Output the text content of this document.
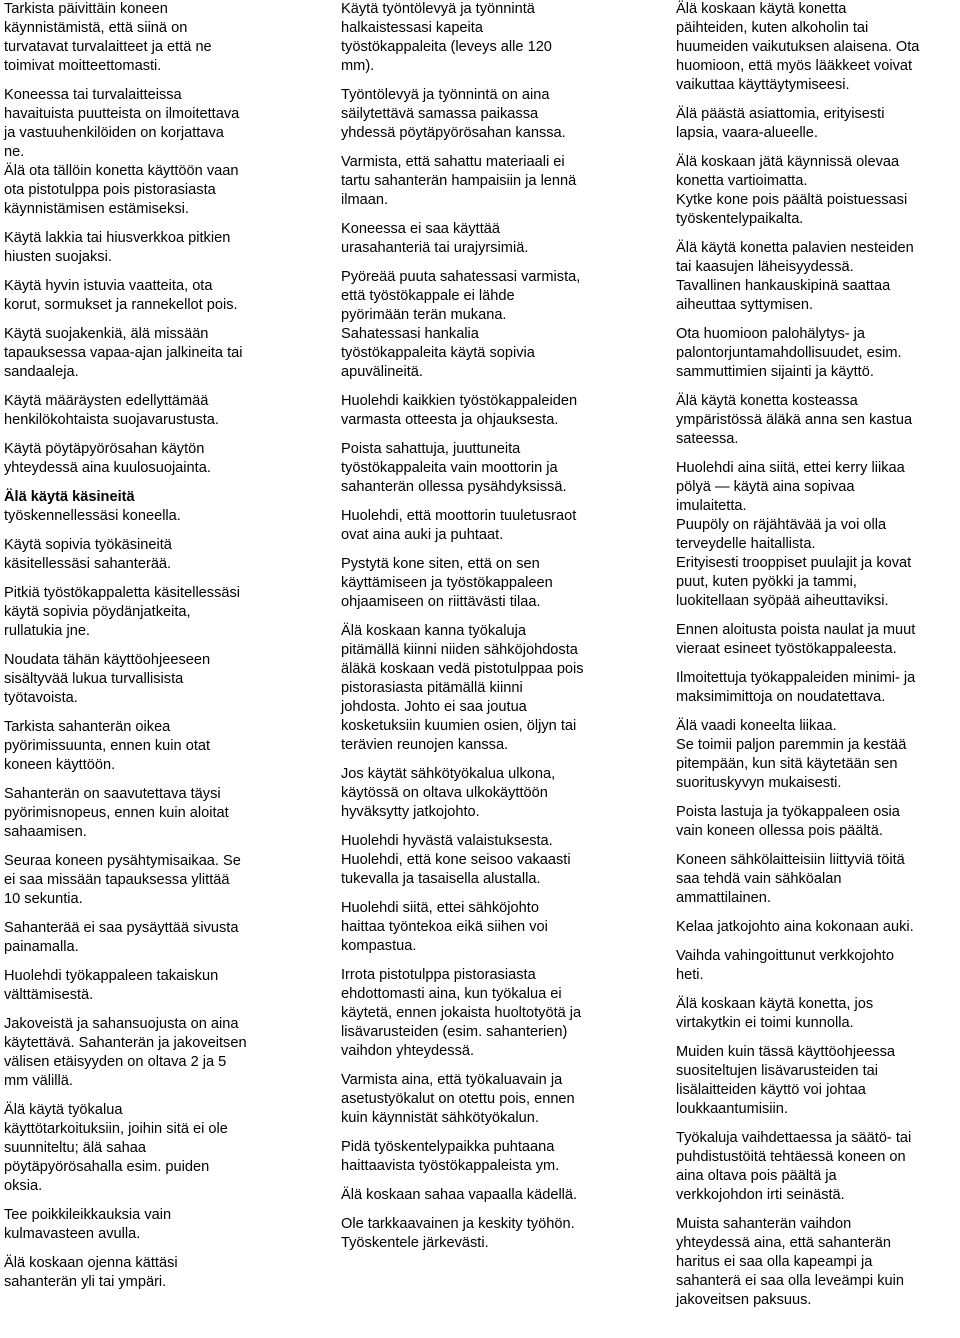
Tarkista päivittäin koneen
käynnistämistä, että siinä on
turvatavat turvalaitteet ja että ne
toimivat moitteettomasti.
Koneessa tai turvalaitteissa
havaituista puutteista on ilmoitettava
ja vastuuhenkilöiden on korjattava
ne.
Älä ota tällöin konetta käyttöön vaan
ota pistotulppa pois pistorasiasta
käynnistämisen estämiseksi.
Käytä lakkia tai hiusverkkoa pitkien
hiusten suojaksi.
Käytä hyvin istuvia vaatteita, ota
korut, sormukset ja rannekellot pois.
Käytä suojakenkiä, älä missään
tapauksessa vapaa-ajan jalkineita tai
sandaaleja.
Käytä määräysten edellyttämää
henkilökohtaista suojavarustusta.
Käytä pöytäpyörösahan käytön
yhteydessä aina kuulosuojainta.
Älä käytä käsineitä
työskennellessäsi koneella.
Käytä sopivia työkäsineitä
käsitellessäsi sahanterää.
Pitkiä työstökappaletta käsitellessäsi
käytä sopivia pöydänjatkeita,
rullatukia jne.
Noudata tähän käyttöohjeeseen
sisältyvää lukua turvallisista
työtavoista.
Tarkista sahanterän oikea
pyörimissuunta, ennen kuin otat
koneen käyttöön.
Sahanterän on saavutettava täysi
pyörimisnopeus, ennen kuin aloitat
sahaamisen.
Seuraa koneen pysähtymisaikaa. Se
ei saa missään tapauksessa ylittää
10 sekuntia.
Sahanterää ei saa pysäyttää sivusta
painamalla.
Huolehdi työkappaleen takaiskun
välttämisestä.
Jakoveistä ja sahansuojusta on aina
käytettävä. Sahanterän ja jakoveitsen
välisen etäisyyden on oltava 2 ja 5
mm välillä.
Älä käytä työkalua
käyttötarkoituksiin, joihin sitä ei ole
suunniteltu; älä sahaa
pöytäpyörösahalla esim. puiden
oksia.
Tee poikkileikkauksia vain
kulmavasteen avulla.
Älä koskaan ojenna kättäsi
sahanterän yli tai ympäri.
Käytä työntölevyä ja työnnintä
halkaistessasi kapeita
työstökappaleita (leveys alle 120
mm).
Työntölevyä ja työnnintä on aina
säilytettävä samassa paikassa
yhdessä pöytäpyörösahan kanssa.
Varmista, että sahattu materiaali ei
tartu sahanterän hampaisiin ja lennä
ilmaan.
Koneessa ei saa käyttää
urasahanteriä tai urajyrsimiä.
Pyöreää puuta sahatessasi varmista,
että työstökappale ei lähde
pyörimään terän mukana.
Sahatessasi hankalia
työstökappaleita käytä sopivia
apuvälineitä.
Huolehdi kaikkien työstökappaleiden
varmasta otteesta ja ohjauksesta.
Poista sahattuja, juuttuneita
työstökappaleita vain moottorin ja
sahanterän ollessa pysähdyksissä.
Huolehdi, että moottorin tuuletusraot
ovat aina auki ja puhtaat.
Pystytä kone siten, että on sen
käyttämiseen ja työstökappaleen
ohjaamiseen on riittävästi tilaa.
Älä koskaan kanna työkaluja
pitämällä kiinni niiden sähköjohdosta
äläkä koskaan vedä pistotulppaa pois
pistorasiasta pitämällä kiinni
johdosta. Johto ei saa joutua
kosketuksiin kuumien osien, öljyn tai
terävien reunojen kanssa.
Jos käytät sähkötyökalua ulkona,
käytössä on oltava ulkokäyttöön
hyväksytty jatkojohto.
Huolehdi hyvästä valaistuksesta.
Huolehdi, että kone seisoo vakaasti
tukevalla ja tasaisella alustalla.
Huolehdi siitä, ettei sähköjohto
haittaa työntekoa eikä siihen voi
kompastua.
Irrota pistotulppa pistorasiasta
ehdottomasti aina, kun työkalua ei
käytetä, ennen jokaista huoltotyötä ja
lisävarusteiden (esim. sahanterien)
vaihdon yhteydessä.
Varmista aina, että työkaluavain ja
asetustyökalut on otettu pois, ennen
kuin käynnistät sähkötyökalun.
Pidä työskentelypaikka puhtaana
haittaavista työstökappaleista ym.
Älä koskaan sahaa vapaalla kädellä.
Ole tarkkaavainen ja keskity työhön.
Työskentele järkevästi.
Älä koskaan käytä konetta
päihteiden, kuten alkoholin tai
huumeiden vaikutuksen alaisena. Ota
huomioon, että myös lääkkeet voivat
vaikuttaa käyttäytymiseesi.
Älä päästä asiattomia, erityisesti
lapsia, vaara-alueelle.
Älä koskaan jätä käynnissä olevaa
konetta vartioimatta.
Kytke kone pois päältä poistuessasi
työskentelypaikalta.
Älä käytä konetta palavien nesteiden
tai kaasujen läheisyydessä.
Tavallinen hankauskipinä saattaa
aiheuttaa syttymisen.
Ota huomioon palohälytys- ja
palontorjuntamahdollisuudet, esim.
sammuttimien sijainti ja käyttö.
Älä käytä konetta kosteassa
ympäristössä äläkä anna sen kastua
sateessa.
Huolehdi aina siitä, ettei kerry liikaa
pölyä — käytä aina sopivaa
imulaitetta.
Puupöly on räjähtävää ja voi olla
terveydelle haitallista.
Erityisesti trooppiset puulajit ja kovat
puut, kuten pyökki ja tammi,
luokitellaan syöpää aiheuttaviksi.
Ennen aloitusta poista naulat ja muut
vieraat esineet työstökappaleesta.
Ilmoitettuja työkappaleiden minimi- ja
maksimimittoja on noudatettava.
Älä vaadi koneelta liikaa.
Se toimii paljon paremmin ja kestää
pitempään, kun sitä käytetään sen
suorituskyvyn mukaisesti.
Poista lastuja ja työkappaleen osia
vain koneen ollessa pois päältä.
Koneen sähkölaitteisiin liittyviä töitä
saa tehdä vain sähköalan
ammattilainen.
Kelaa jatkojohto aina kokonaan auki.
Vaihda vahingoittunut verkkojohto
heti.
Älä koskaan käytä konetta, jos
virtakytkin ei toimi kunnolla.
Muiden kuin tässä käyttöohjeessa
suositeltujen lisävarusteiden tai
lisälaitteiden käyttö voi johtaa
loukkaantumisiin.
Työkaluja vaihdettaessa ja säätö- tai
puhdistustöitä tehtäessä koneen on
aina oltava pois päältä ja
verkkojohdon irti seinästä.
Muista sahanterän vaihdon
yhteydessä aina, että sahanterän
haritus ei saa olla kapeampi ja
sahanterä ei saa olla leveämpi kuin
jakoveitsen paksuus.
